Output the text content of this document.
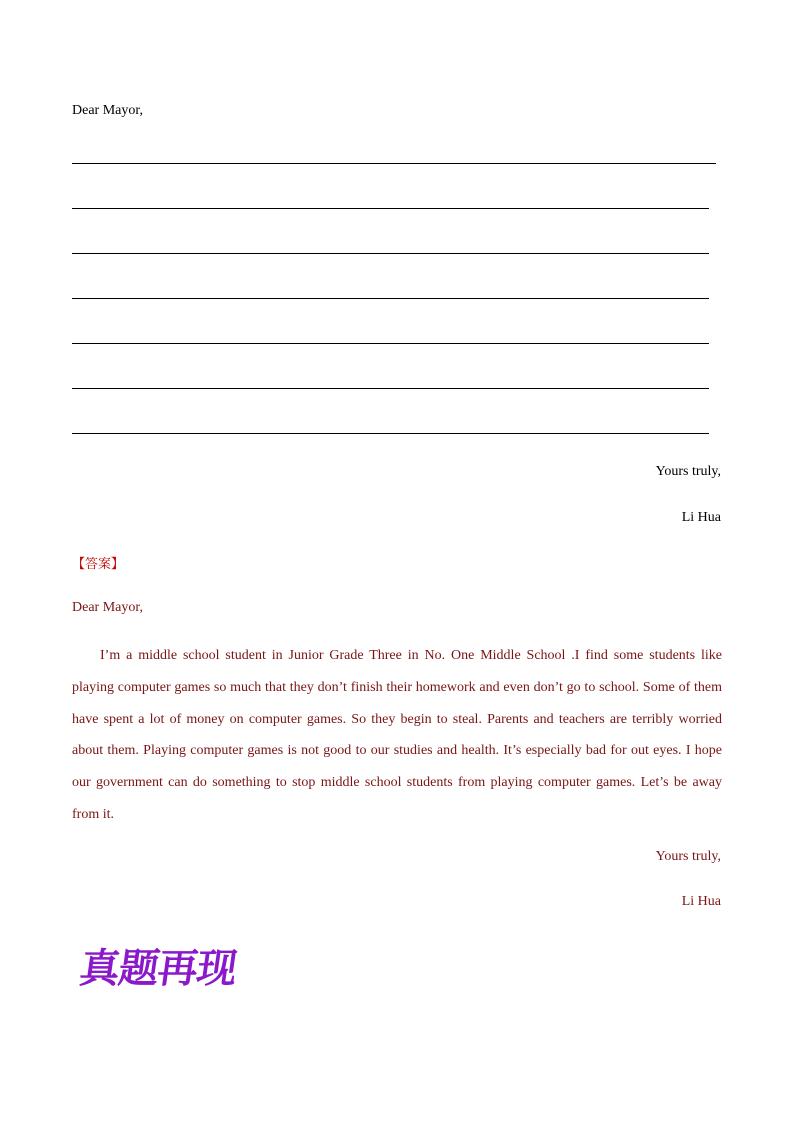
Dear Mayor,
Yours truly,
Li Hua
【答案】
Dear Mayor,

I’m a middle school student in Junior Grade Three in No. One Middle School .I find some students like playing computer games so much that they don’t finish their homework and even don’t go to school. Some of them have spent a lot of money on computer games. So they begin to steal. Parents and teachers are terribly worried about them. Playing computer games is not good to our studies and health. It’s especially bad for out eyes. I hope our government can do something to stop middle school students from playing computer games. Let’s be away from it.

Yours truly,
Li Hua
真题再现
